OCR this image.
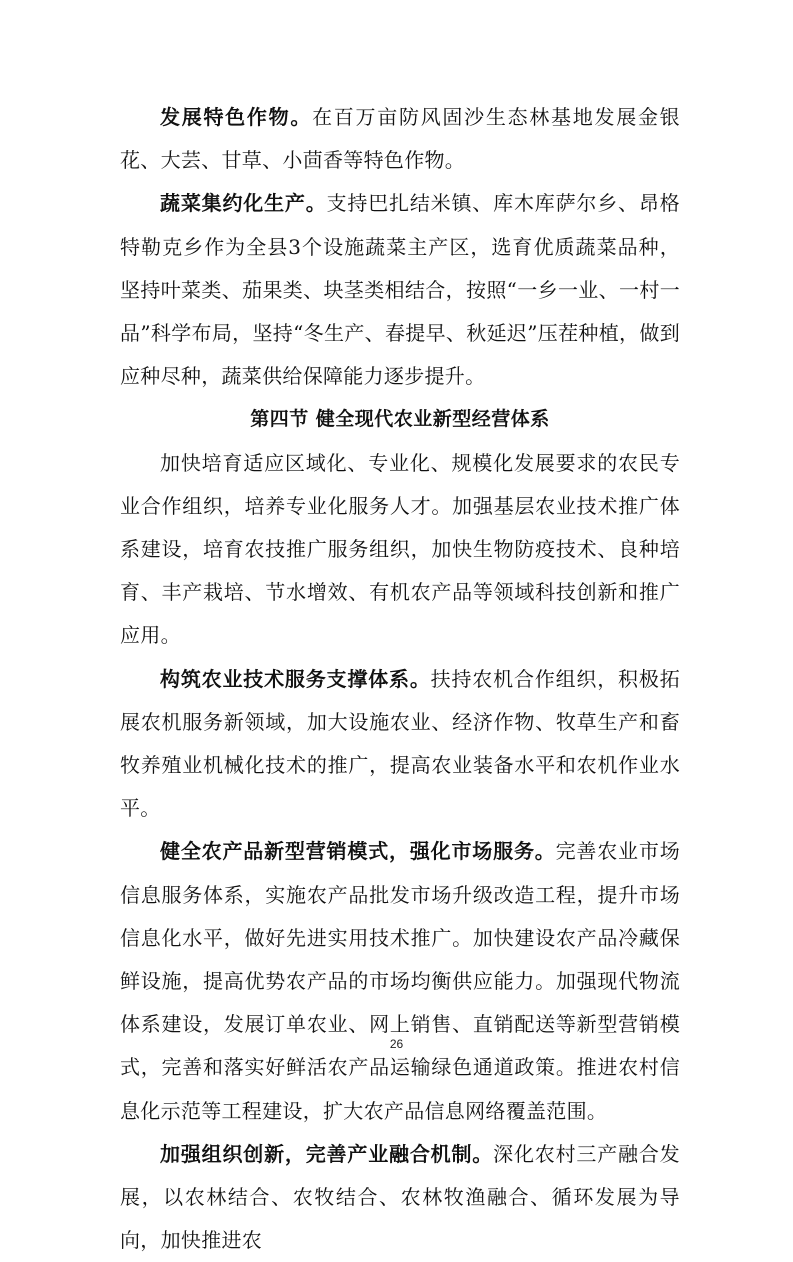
发展特色作物。在百万亩防风固沙生态林基地发展金银花、大芸、甘草、小茴香等特色作物。

蔬菜集约化生产。支持巴扎结米镇、库木库萨尔乡、昂格特勒克乡作为全县3个设施蔬菜主产区，选育优质蔬菜品种，坚持叶菜类、茄果类、块茎类相结合，按照“一乡一业、一村一品”科学布局，坚持“冬生产、春提早、秋延迟”压茬种植，做到应种尽种，蔬菜供给保障能力逐步提升。

第四节 健全现代农业新型经营体系

加快培育适应区域化、专业化、规模化发展要求的农民专业合作组织，培养专业化服务人才。加强基层农业技术推广体系建设，培育农技推广服务组织，加快生物防疫技术、良种培育、丰产栽培、节水增效、有机农产品等领域科技创新和推广应用。

构筑农业技术服务支撑体系。扶持农机合作组织，积极拓展农机服务新领域，加大设施农业、经济作物、牧草生产和畜牧养殖业机械化技术的推广，提高农业装备水平和农机作业水平。

健全农产品新型营销模式，强化市场服务。完善农业市场信息服务体系，实施农产品批发市场升级改造工程，提升市场信息化水平，做好先进实用技术推广。加快建设农产品冷藏保鲜设施，提高优势农产品的市场均衡供应能力。加强现代物流体系建设，发展订单农业、网上销售、直销配送等新型营销模式，完善和落实好鲜活农产品运输绿色通道政策。推进农村信息化示范等工程建设，扩大农产品信息网络覆盖范围。

加强组织创新，完善产业融合机制。深化农村三产融合发展，以农林结合、农牧结合、农林牧渔融合、循环发展为导向，加快推进农

26
